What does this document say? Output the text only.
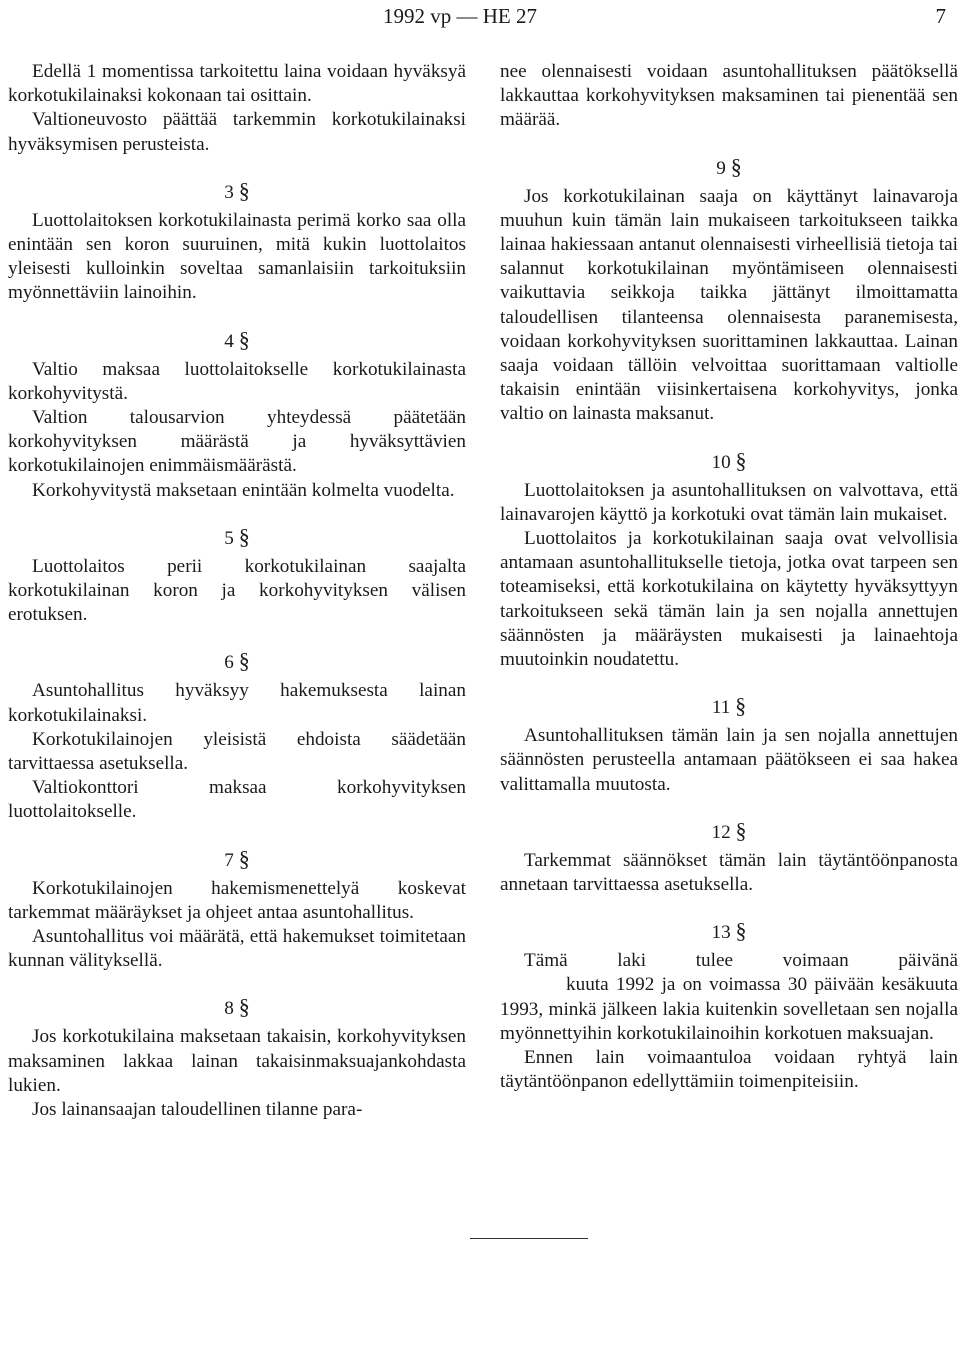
1992 vp — HE 27	7

Edellä 1 momentissa tarkoitettu laina voidaan hyväksyä korkotukilainaksi kokonaan tai osittain.

Valtioneuvosto päättää tarkemmin korkotukilainaksi hyväksymisen perusteista.

3 §

Luottolaitoksen korkotukilainasta perimä korko saa olla enintään sen koron suuruinen, mitä kukin luottolaitos yleisesti kulloinkin soveltaa samanlaisiin tarkoituksiin myönnettäviin lainoihin.

4 §

Valtio maksaa luottolaitokselle korkotukilainasta korkohyvitystä.

Valtion talousarvion yhteydessä päätetään korkohyvityksen määrästä ja hyväksyttävien korkotukilainojen enimmäismäärästä.

Korkohyvitystä maksetaan enintään kolmelta vuodelta.

5 §

Luottolaitos perii korkotukilainan saajalta korkotukilainan koron ja korkohyvityksen välisen erotuksen.

6 §

Asuntohallitus hyväksyy hakemuksesta lainan korkotukilainaksi.

Korkotukilainojen yleisistä ehdoista säädetään tarvittaessa asetuksella.

Valtiokonttori maksaa korkohyvityksen luottolaitokselle.

7 §

Korkotukilainojen hakemismenettelyä koskevat tarkemmat määräykset ja ohjeet antaa asuntohallitus.

Asuntohallitus voi määrätä, että hakemukset toimitetaan kunnan välityksellä.

8 §

Jos korkotukilaina maksetaan takaisin, korkohyvityksen maksaminen lakkaa lainan takaisinmaksuajankohdasta lukien.

Jos lainansaajan taloudellinen tilanne para-

nee olennaisesti voidaan asuntohallituksen päätöksellä lakkauttaa korkohyvityksen maksaminen tai pienentää sen määrää.

9 §

Jos korkotukilainan saaja on käyttänyt lainavaroja muuhun kuin tämän lain mukaiseen tarkoitukseen taikka lainaa hakiessaan antanut olennaisesti virheellisiä tietoja tai salannut korkotukilainan myöntämiseen olennaisesti vaikuttavia seikkoja taikka jättänyt ilmoittamatta taloudellisen tilanteensa olennaisesta paranemisesta, voidaan korkohyvityksen suorittaminen lakkauttaa. Lainan saaja voidaan tällöin velvoittaa suorittamaan valtiolle takaisin enintään viisinkertaisena korkohyvitys, jonka valtio on lainasta maksanut.

10 §

Luottolaitoksen ja asuntohallituksen on valvottava, että lainavarojen käyttö ja korkotuki ovat tämän lain mukaiset.

Luottolaitos ja korkotukilainan saaja ovat velvollisia antamaan asuntohallitukselle tietoja, jotka ovat tarpeen sen toteamiseksi, että korkotukilaina on käytetty hyväksyttyyn tarkoitukseen sekä tämän lain ja sen nojalla annettujen säännösten ja määräysten mukaisesti ja lainaehtoja muutoinkin noudatettu.

11 §

Asuntohallituksen tämän lain ja sen nojalla annettujen säännösten perusteella antamaan päätökseen ei saa hakea valittamalla muutosta.

12 §

Tarkemmat säännökset tämän lain täytäntöönpanosta annetaan tarvittaessa asetuksella.

13 §

Tämä laki tulee voimaan päivänä

kuuta 1992 ja on voimassa 30 päivään kesäkuuta 1993, minkä jälkeen lakia kuitenkin sovelletaan sen nojalla myönnettyihin korkotukilainoihin korkotuen maksuajan.

Ennen lain voimaantuloa voidaan ryhtyä lain täytäntöönpanon edellyttämiin toimenpiteisiin.
